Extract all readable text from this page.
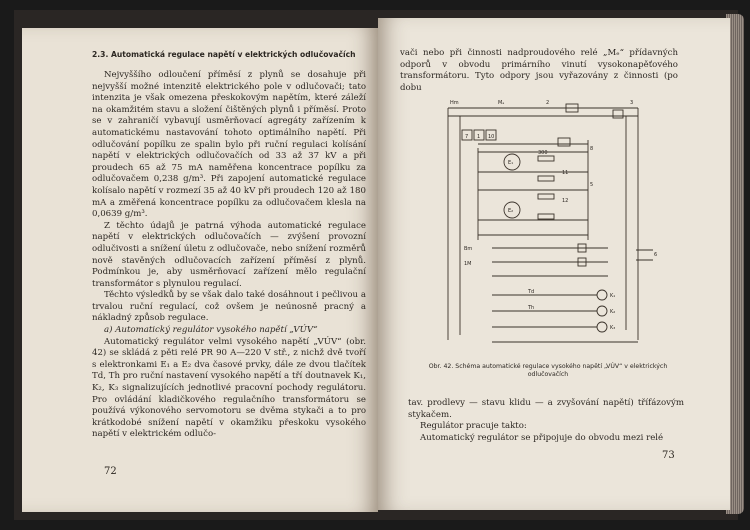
2.3. Automatická regulace napětí v elektrických odlučovačích

Nejvyššího odloučení příměsí z plynů se dosahuje při nejvyšší možné intenzitě elektrického pole v odlučovači; tato intenzita je však omezena přeskokovým napětím, které záleží na okamžitém stavu a složení čištěných plynů i příměsí. Proto se v zahraničí vybavují usměrňovací agregáty zařízením k automatickému nastavování tohoto optimálního napětí. Při odlučování popílku ze spalin bylo při ruční regulaci kolísání napětí v elektrických odlučovačích od 33 až 37 kV a při proudech 65 až 75 mA naměřena koncentrace popílku za odlučovačem 0,238 g/m³. Při zapojení automatické regulace kolísalo napětí v rozmezí 35 až 40 kV při proudech 120 až 180 mA a změřená koncentrace popílku za odlučovačem klesla na 0,0639 g/m³.

Z těchto údajů je patrná výhoda automatické regulace napětí v elektrických odlučovačích — zvýšení provozní odlučivosti a snížení úletu z odlučovače, nebo snížení rozměrů nově stavěných odlučovacích zařízení příměsí z plynů. Podmínkou je, aby usměrňovací zařízení mělo regulační transformátor s plynulou regulací.

Těchto výsledků by se však dalo také dosáhnout i pečlivou a trvalou ruční regulací, což ovšem je neúnosně pracný a nákladný způsob regulace.

a) Automatický regulátor vysokého napětí „VÚV“

Automatický regulátor velmi vysokého napětí „VÚV“ (obr. 42) se skládá z pěti relé PR 90 A—220 V stř., z nichž dvě tvoří s elektronkami E₁ a E₂ dva časové prvky, dále ze dvou tlačítek Td, Th pro ruční nastavení vysokého napětí a tří doutnavek K₁, K₂, K₃ signalizujících jednotlivé pracovní pochody regulátoru. Pro ovládání kladičkového regulačního transformátoru se používá výkonového servomotoru se dvěma stykači a to pro krátkodobé snížení napětí v okamžiku přeskoku vysokého napětí v elektrickém odlučo-

72

vači nebo při činnosti nadproudového relé „Mₑ“ přídavných odporů v obvodu primárního vinutí vysokonapěťového transformátoru. Tyto odpory jsou vyřazovány z činnosti (po dobu

Hm	Mₐ	2	3
7 1 10
E₁
E₂
300
8
5
11
12
Bm
1M
Td
Th
K₁
K₂
K₃
6
Obr. 42. Schéma automatické regulace vysokého napětí „VÚV“ v elektrických odlučovačích

tav. prodlevy — stavu klidu — a zvyšování napětí) třífázovým stykačem.

Regulátor pracuje takto:

Automatický regulátor se připojuje do obvodu mezi relé

73
